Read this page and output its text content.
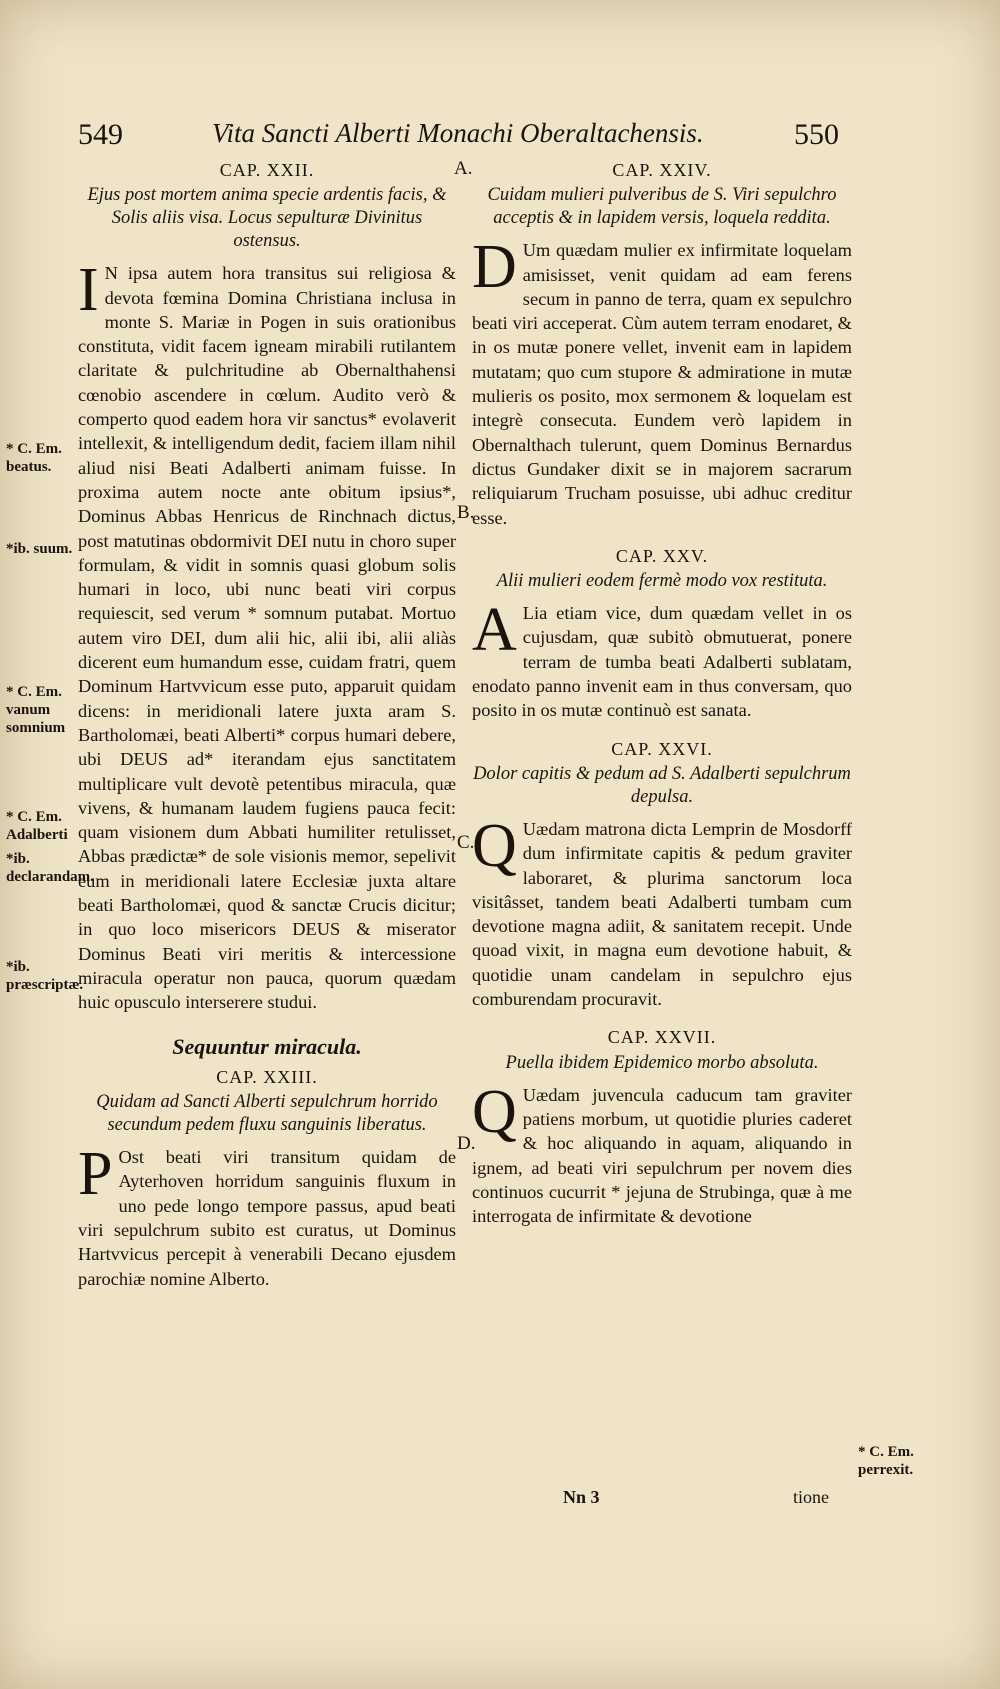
549	Vita Sancti Alberti Monachi Oberaltachensis.	550
A.
B.
C.
D.
* C. Em. beatus.
*ib. suum.
* C. Em. vanum somnium
* C. Em. Adalberti
*ib. declarandam.
*ib. præscriptæ.
* C. Em. perrexit.
CAP. XXII.
Ejus post mortem anima specie ardentis facis, & Solis aliis visa. Locus sepulturæ Divinitus ostensus.
I N ipsa autem hora transitus sui religiosa & devota fœmina Domina Christiana inclusa in monte S. Mariæ in Pogen in suis orationibus constituta, vidit facem igneam mirabili rutilantem claritate & pulchritudine ab Obernalthahensi cœnobio ascendere in cœlum. Audito verò & comperto quod eadem hora vir sanctus* evolaverit intellexit, & intelligendum dedit, faciem illam nihil aliud nisi Beati Adalberti animam fuisse. In proxima autem nocte ante obitum ipsius*, Dominus Abbas Henricus de Rinchnach dictus, post matutinas obdormivit DEI nutu in choro super formulam, & vidit in somnis quasi globum solis humari in loco, ubi nunc beati viri corpus requiescit, sed verum * somnum putabat. Mortuo autem viro DEI, dum alii hic, alii ibi, alii aliàs dicerent eum humandum esse, cuidam fratri, quem Dominum Hartvvicum esse puto, apparuit quidam dicens: in meridionali latere juxta aram S. Bartholomæi, beati Alberti* corpus humari debere, ubi DEUS ad* iterandam ejus sanctitatem multiplicare vult devotè petentibus miracula, quæ vivens, & humanam laudem fugiens pauca fecit: quam visionem dum Abbati humiliter retulisset, Abbas prædictæ* de sole visionis memor, sepelivit eum in meridionali latere Ecclesiæ juxta altare beati Bartholomæi, quod & sanctæ Crucis dicitur; in quo loco misericors DEUS & miserator Dominus Beati viri meritis & intercessione miracula operatur non pauca, quorum quædam huic opusculo interserere studui.
Sequuntur miracula.
CAP. XXIII.
Quidam ad Sancti Alberti sepulchrum horrido secundum pedem fluxu sanguinis liberatus.
P Ost beati viri transitum quidam de Ayterhoven horridum sanguinis fluxum in uno pede longo tempore passus, apud beati viri sepulchrum subito est curatus, ut Dominus Hartvvicus percepit à venerabili Decano ejusdem parochiæ nomine Alberto.
CAP. XXIV.
Cuidam mulieri pulveribus de S. Viri sepulchro acceptis & in lapidem versis, loquela reddita.
D Um quædam mulier ex infirmitate loquelam amisisset, venit quidam ad eam ferens secum in panno de terra, quam ex sepulchro beati viri acceperat. Cùm autem terram enodaret, & in os mutæ ponere vellet, invenit eam in lapidem mutatam; quo cum stupore & admiratione in mutæ mulieris os posito, mox sermonem & loquelam est integrè consecuta. Eundem verò lapidem in Obernalthach tulerunt, quem Dominus Bernardus dictus Gundaker dixit se in majorem sacrarum reliquiarum Trucham posuisse, ubi adhuc creditur esse.
CAP. XXV.
Alii mulieri eodem fermè modo vox restituta.
A Lia etiam vice, dum quædam vellet in os cujusdam, quæ subitò obmutuerat, ponere terram de tumba beati Adalberti sublatam, enodato panno invenit eam in thus conversam, quo posito in os mutæ continuò est sanata.
CAP. XXVI.
Dolor capitis & pedum ad S. Adalberti sepulchrum depulsa.
Q Uædam matrona dicta Lemprin de Mosdorff dum infirmitate capitis & pedum graviter laboraret, & plurima sanctorum loca visitâsset, tandem beati Adalberti tumbam cum devotione magna adiit, & sanitatem recepit. Unde quoad vixit, in magna eum devotione habuit, & quotidie unam candelam in sepulchro ejus comburendam procuravit.
CAP. XXVII.
Puella ibidem Epidemico morbo absoluta.
Q Uædam juvencula caducum tam graviter patiens morbum, ut quotidie pluries caderet & hoc aliquando in aquam, aliquando in ignem, ad beati viri sepulchrum per novem dies continuos cucurrit * jejuna de Strubinga, quæ à me interrogata de infirmitate & devotione
Nn 3	tione
